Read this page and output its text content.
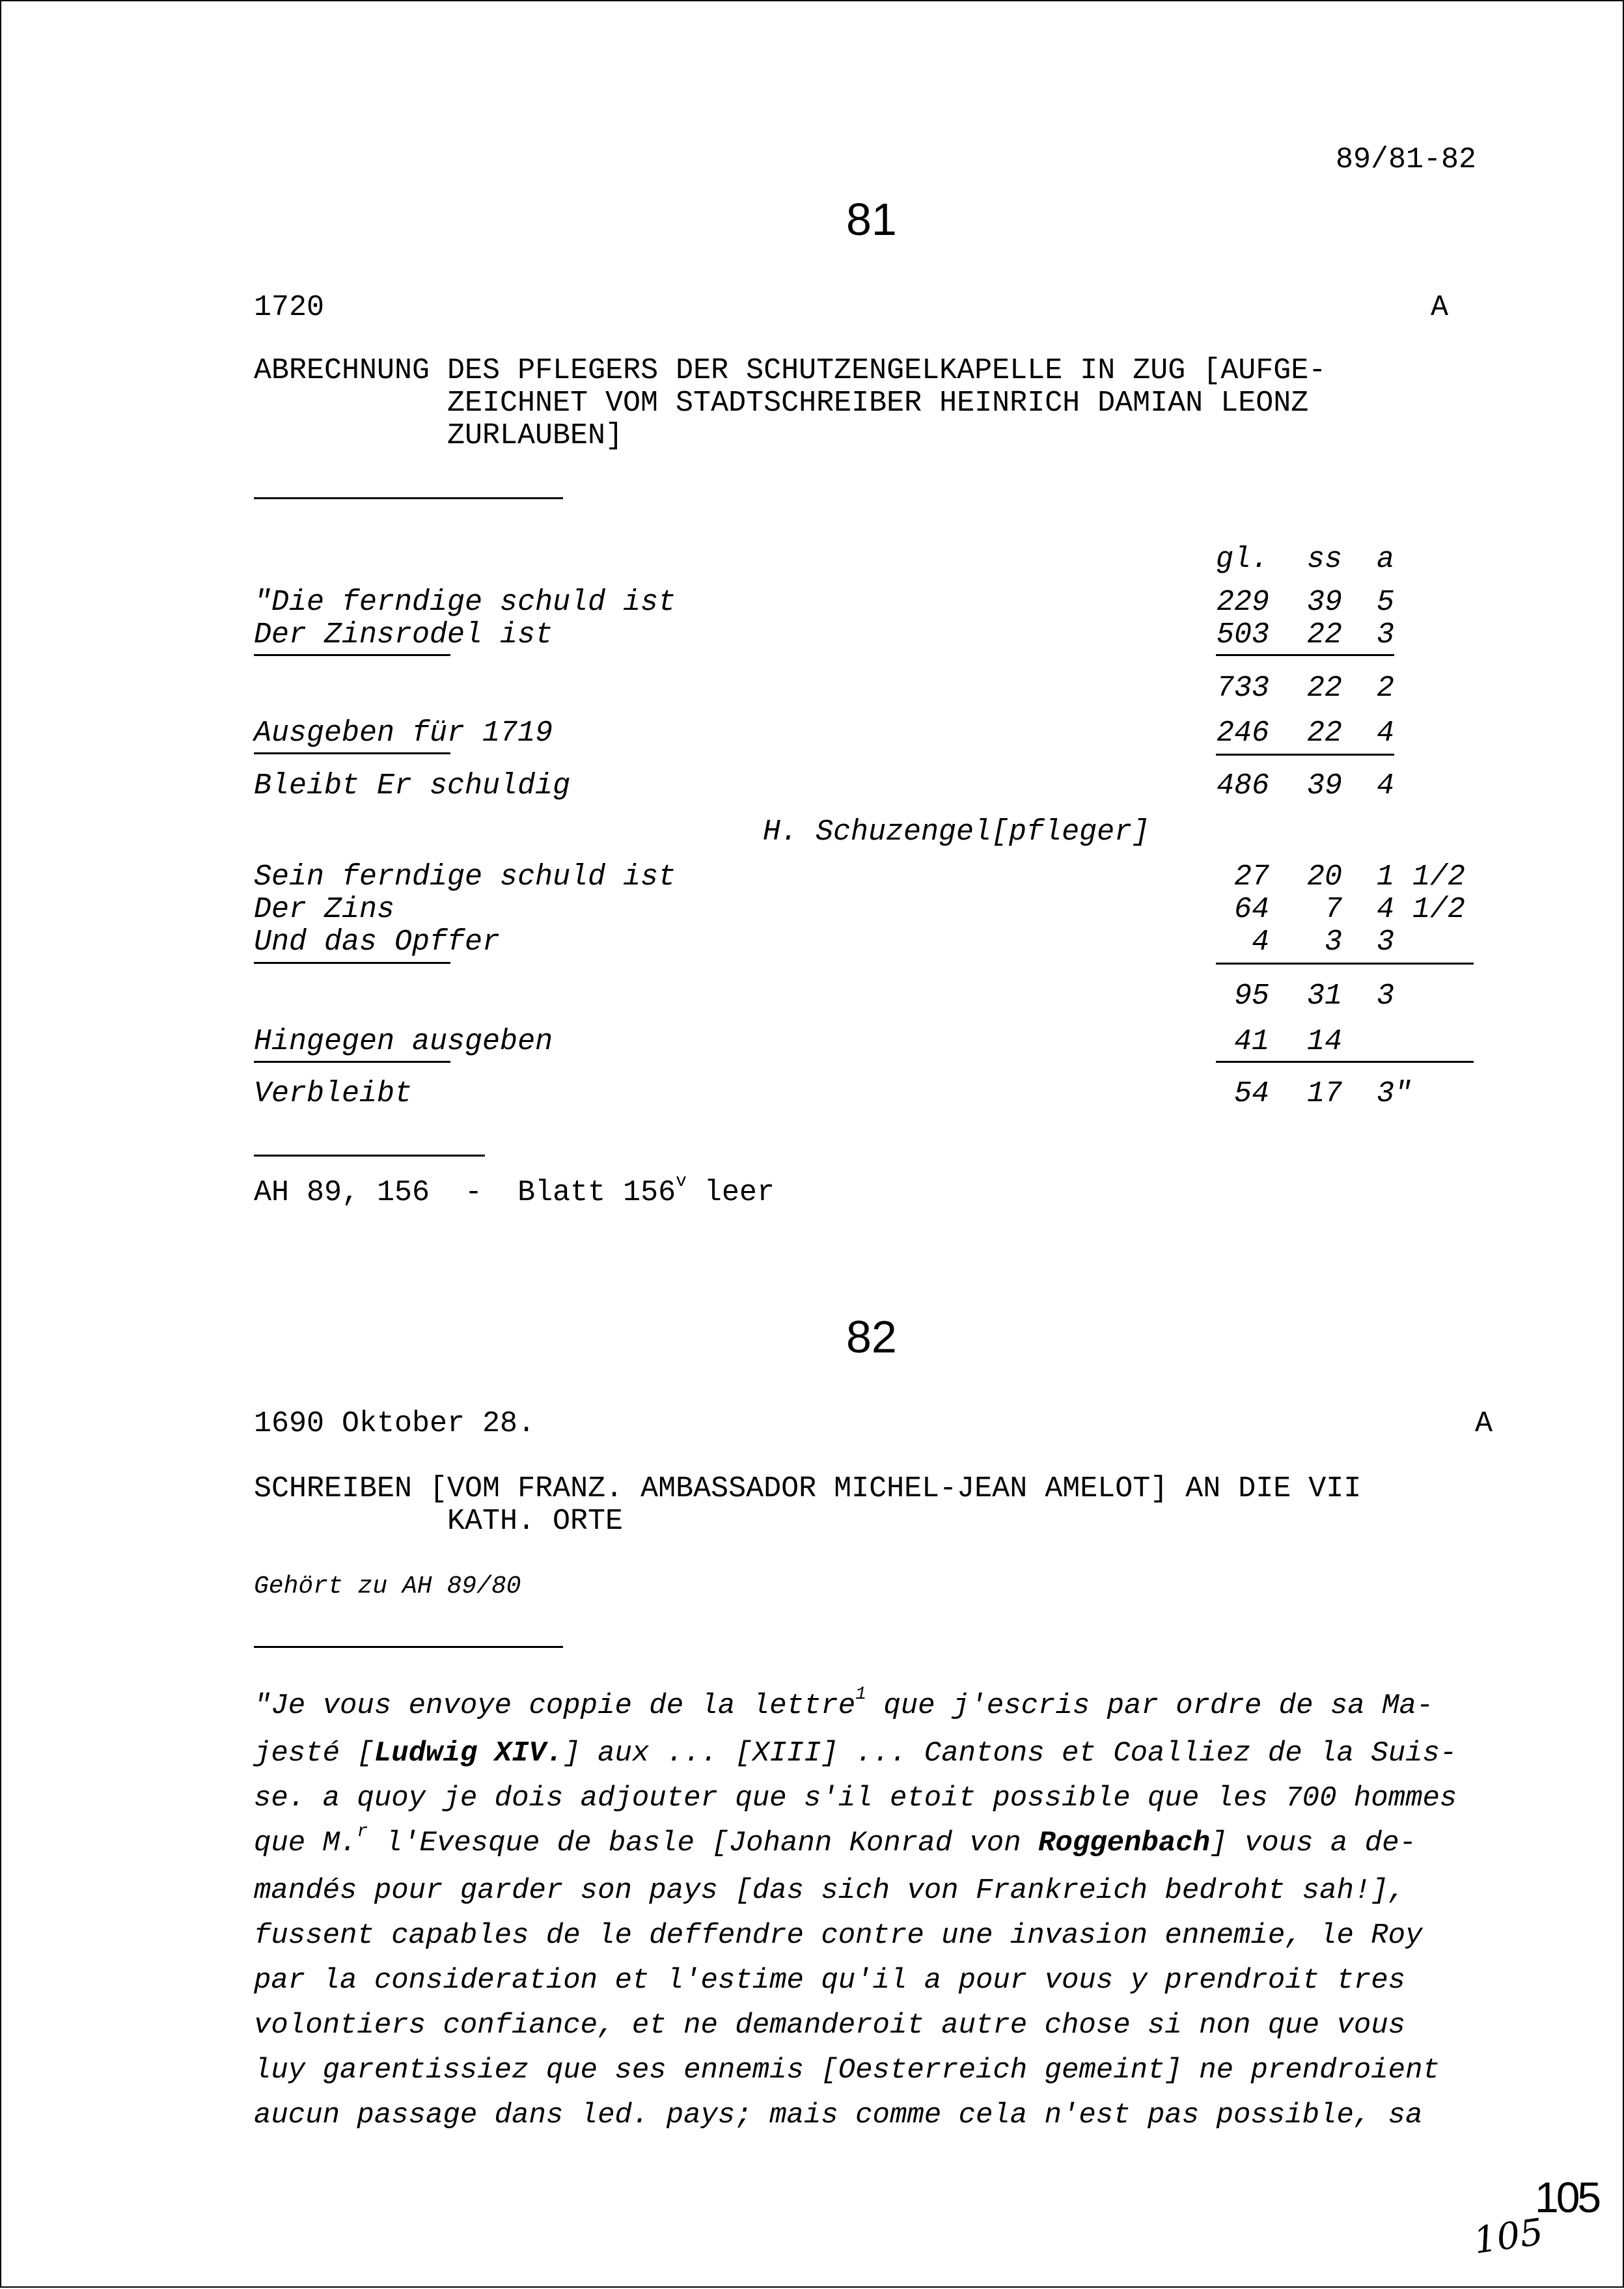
89/81-82
81
1720	A
ABRECHNUNG DES PFLEGERS DER SCHUTZENGELKAPELLE IN ZUG [AUFGE-
ZEICHNET VOM STADTSCHREIBER HEINRICH DAMIAN LEONZ
ZURLAUBEN]
gl. ss a
"Die ferndige schuld ist	229	39 5
Der Zinsrodel ist	503	22 3
733	22 2
Ausgeben für 1719	246	22 4
Bleibt Er schuldig	486	39 4
H. Schuzengel[pfleger]
Sein ferndige schuld ist	27	20 1 1/2
Der Zins	64	7 4 1/2
Und das Opffer	4	3 3
95	31 3
Hingegen ausgeben	41	14
Verbleibt	54	17 3"
AH 89, 156  -  Blatt 156$^v$ leer
82
1690 Oktober 28.	A
SCHREIBEN [VOM FRANZ. AMBASSADOR MICHEL-JEAN AMELOT] AN DIE VII
KATH. ORTE
Gehört zu AH 89/80
"Je vous envoye coppie de la lettre$^1$ que j'escris par ordre de sa Ma-
jesté [Ludwig XIV.] aux ... [XIII] ... Cantons et Coalliez de la Suis-
se. a quoy je dois adjouter que s'il etoit possible que les 700 hommes
que M.$^r$ l'Evesque de basle [Johann Konrad von Roggenbach] vous a de-
mandés pour garder son pays [das sich von Frankreich bedroht sah!],
fussent capables de le deffendre contre une invasion ennemie, le Roy
par la consideration et l'estime qu'il a pour vous y prendroit tres
volontiers confiance, et ne demanderoit autre chose si non que vous
luy garentissiez que ses ennemis [Oesterreich gemeint] ne prendroient
aucun passage dans led. pays; mais comme cela n'est pas possible, sa
105
105
